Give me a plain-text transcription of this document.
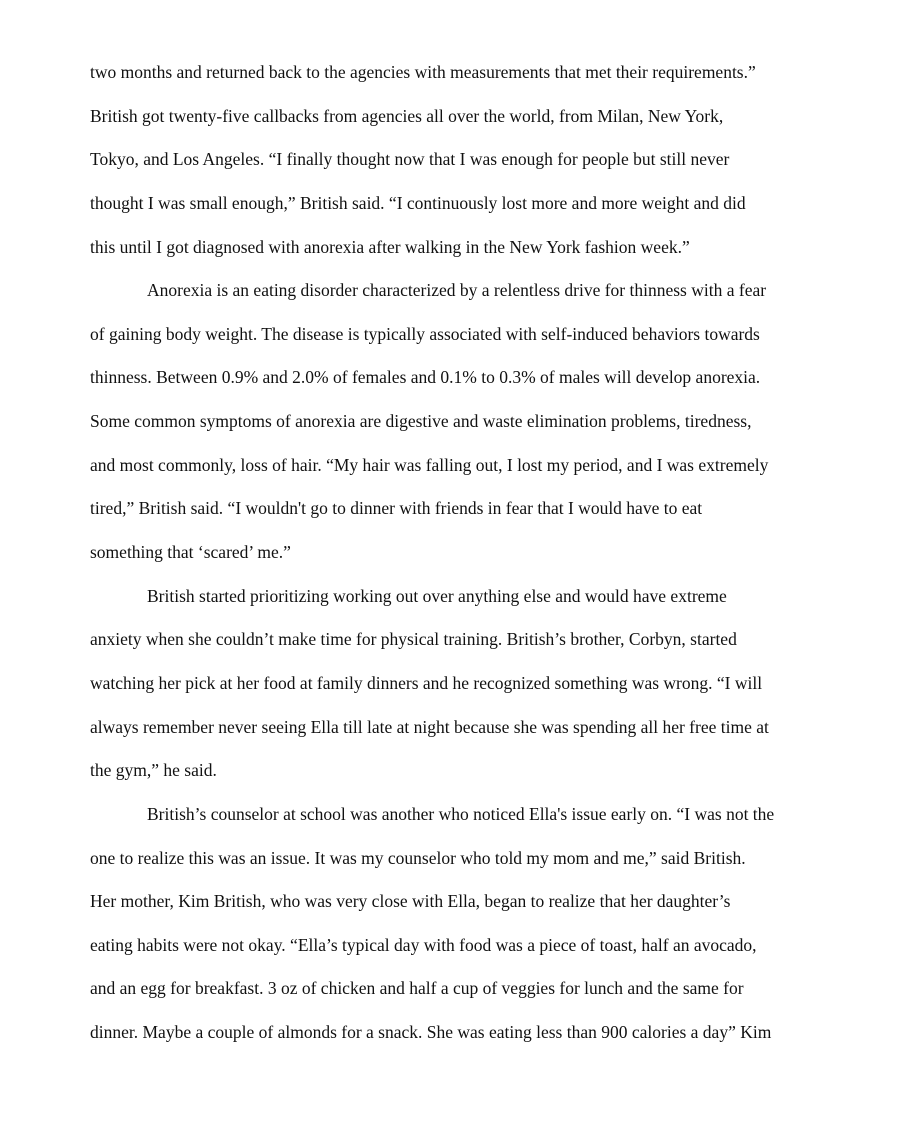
two months and returned back to the agencies with measurements that met their requirements.”
British got twenty-five callbacks from agencies all over the world, from Milan, New York,
Tokyo, and Los Angeles. “I finally thought now that I was enough for people but still never
thought I was small enough,” British said. “I continuously lost more and more weight and did
this until I got diagnosed with anorexia after walking in the New York fashion week.”
Anorexia is an eating disorder characterized by a relentless drive for thinness with a fear
of gaining body weight. The disease is typically associated with self-induced behaviors towards
thinness. Between 0.9% and 2.0% of females and 0.1% to 0.3% of males will develop anorexia.
Some common symptoms of anorexia are digestive and waste elimination problems, tiredness,
and most commonly, loss of hair. “My hair was falling out, I lost my period, and I was extremely
tired,” British said. “I wouldn't go to dinner with friends in fear that I would have to eat
something that ‘scared’ me.”
British started prioritizing working out over anything else and would have extreme
anxiety when she couldn’t make time for physical training. British’s brother, Corbyn, started
watching her pick at her food at family dinners and he recognized something was wrong. “I will
always remember never seeing Ella till late at night because she was spending all her free time at
the gym,” he said.
British’s counselor at school was another who noticed Ella's issue early on. “I was not the
one to realize this was an issue. It was my counselor who told my mom and me,” said British.
Her mother, Kim British, who was very close with Ella, began to realize that her daughter’s
eating habits were not okay. “Ella’s typical day with food was a piece of toast, half an avocado,
and an egg for breakfast. 3 oz of chicken and half a cup of veggies for lunch and the same for
dinner. Maybe a couple of almonds for a snack. She was eating less than 900 calories a day” Kim
